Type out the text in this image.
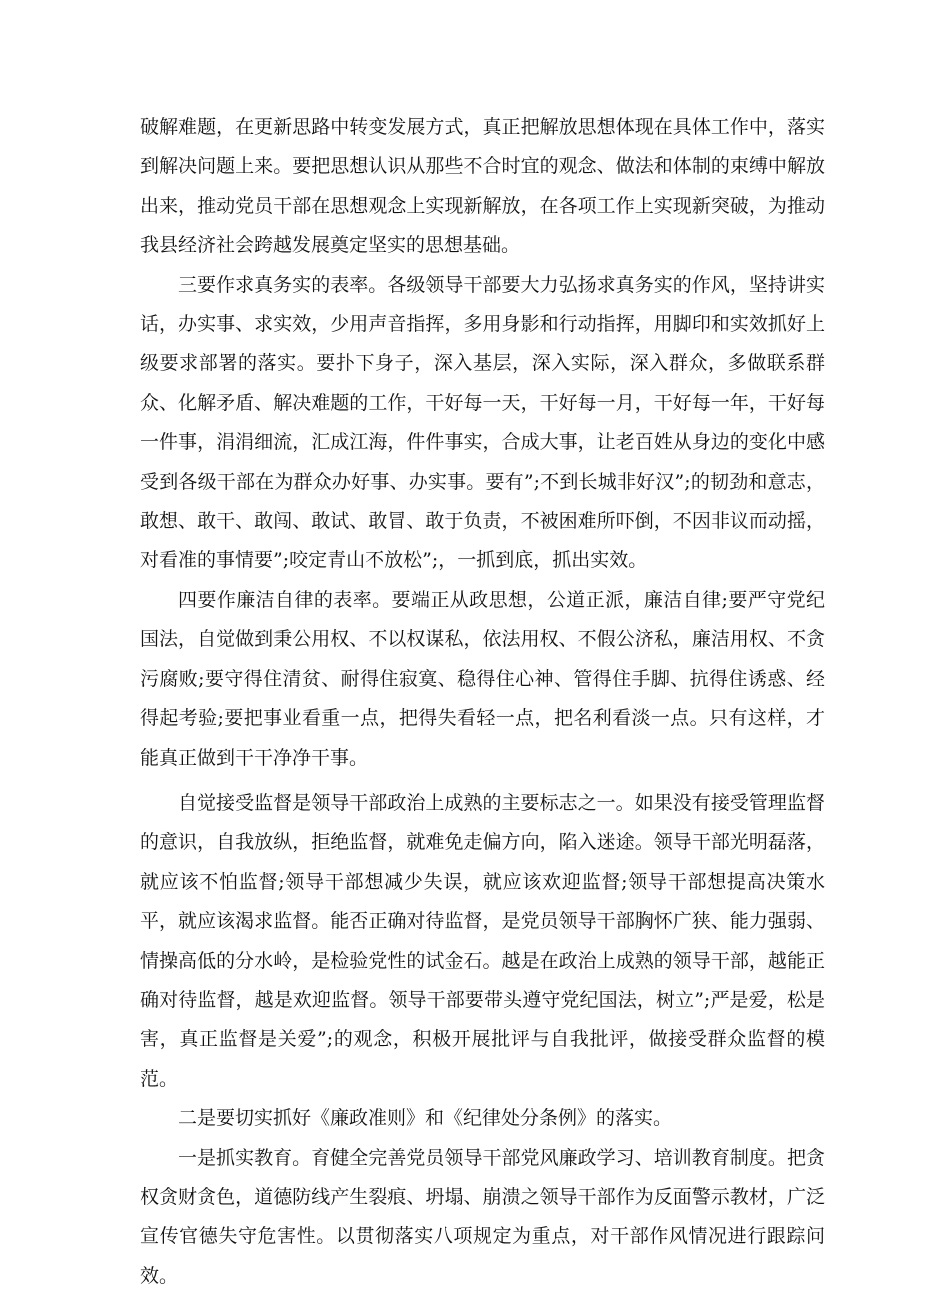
破解难题，在更新思路中转变发展方式，真正把解放思想体现在具体工作中，落实到解决问题上来。要把思想认识从那些不合时宜的观念、做法和体制的束缚中解放出来，推动党员干部在思想观念上实现新解放，在各项工作上实现新突破，为推动我县经济社会跨越发展奠定坚实的思想基础。

三要作求真务实的表率。各级领导干部要大力弘扬求真务实的作风，坚持讲实话，办实事、求实效，少用声音指挥，多用身影和行动指挥，用脚印和实效抓好上级要求部署的落实。要扑下身子，深入基层，深入实际，深入群众，多做联系群众、化解矛盾、解决难题的工作，干好每一天，干好每一月，干好每一年，干好每一件事，涓涓细流，汇成江海，件件事实，合成大事，让老百姓从身边的变化中感受到各级干部在为群众办好事、办实事。要有”;不到长城非好汉”;的韧劲和意志，敢想、敢干、敢闯、敢试、敢冒、敢于负责，不被困难所吓倒，不因非议而动摇，对看准的事情要”;咬定青山不放松”;，一抓到底，抓出实效。

四要作廉洁自律的表率。要端正从政思想，公道正派，廉洁自律;要严守党纪国法，自觉做到秉公用权、不以权谋私，依法用权、不假公济私，廉洁用权、不贪污腐败;要守得住清贫、耐得住寂寞、稳得住心神、管得住手脚、抗得住诱惑、经得起考验;要把事业看重一点，把得失看轻一点，把名利看淡一点。只有这样，才能真正做到干干净净干事。

自觉接受监督是领导干部政治上成熟的主要标志之一。如果没有接受管理监督的意识，自我放纵，拒绝监督，就难免走偏方向，陷入迷途。领导干部光明磊落，就应该不怕监督;领导干部想减少失误，就应该欢迎监督;领导干部想提高决策水平，就应该渴求监督。能否正确对待监督，是党员领导干部胸怀广狭、能力强弱、情操高低的分水岭，是检验党性的试金石。越是在政治上成熟的领导干部，越能正确对待监督，越是欢迎监督。领导干部要带头遵守党纪国法，树立”;严是爱，松是害，真正监督是关爱”;的观念，积极开展批评与自我批评，做接受群众监督的模范。

二是要切实抓好《廉政准则》和《纪律处分条例》的落实。

一是抓实教育。育健全完善党员领导干部党风廉政学习、培训教育制度。把贪权贪财贪色，道德防线产生裂痕、坍塌、崩溃之领导干部作为反面警示教材，广泛宣传官德失守危害性。以贯彻落实八项规定为重点，对干部作风情况进行跟踪问效。
